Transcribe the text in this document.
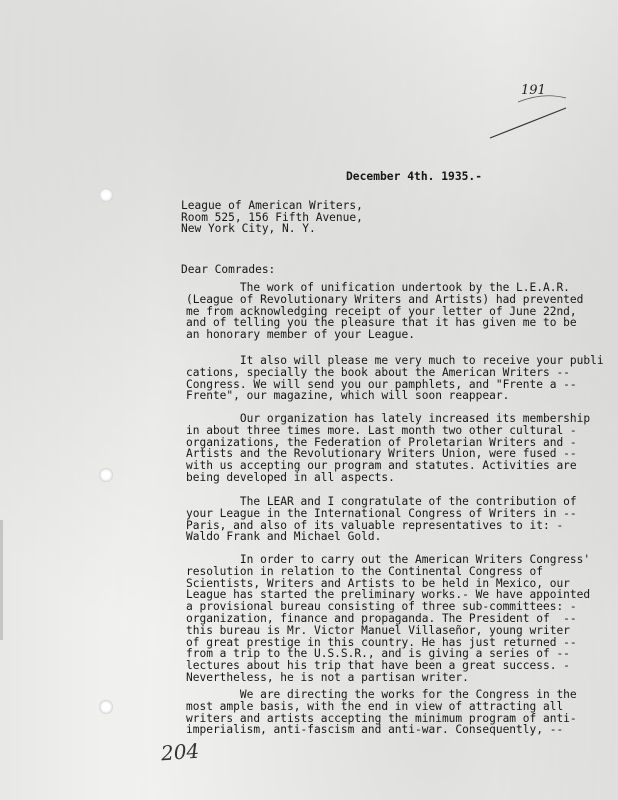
191
December 4th. 1935.-
League of American Writers,
Room 525, 156 Fifth Avenue,
New York City, N. Y.
Dear Comrades:
The work of unification undertook by the L.E.A.R.
(League of Revolutionary Writers and Artists) had prevented
me from acknowledging receipt of your letter of June 22nd,
and of telling you the pleasure that it has given me to be
an honorary member of your League.
It also will please me very much to receive your publi
cations, specially the book about the American Writers --
Congress. We will send you our pamphlets, and "Frente a --
Frente", our magazine, which will soon reappear.
Our organization has lately increased its membership
in about three times more. Last month two other cultural -
organizations, the Federation of Proletarian Writers and -
Artists and the Revolutionary Writers Union, were fused --
with us accepting our program and statutes. Activities are
being developed in all aspects.
The LEAR and I congratulate of the contribution of
your League in the International Congress of Writers in --
Paris, and also of its valuable representatives to it: -
Waldo Frank and Michael Gold.
In order to carry out the American Writers Congress'
resolution in relation to the Continental Congress of
Scientists, Writers and Artists to be held in Mexico, our
League has started the preliminary works.- We have appointed
a provisional bureau consisting of three sub-committees: -
organization, finance and propaganda. The President of  --
this bureau is Mr. Victor Manuel Villaseñor, young writer
of great prestige in this country. He has just returned --
from a trip to the U.S.S.R., and is giving a series of --
lectures about his trip that have been a great success. -
Nevertheless, he is not a partisan writer.
We are directing the works for the Congress in the
most ample basis, with the end in view of attracting all
writers and artists accepting the minimum program of anti-
imperialism, anti-fascism and anti-war. Consequently, --
204
